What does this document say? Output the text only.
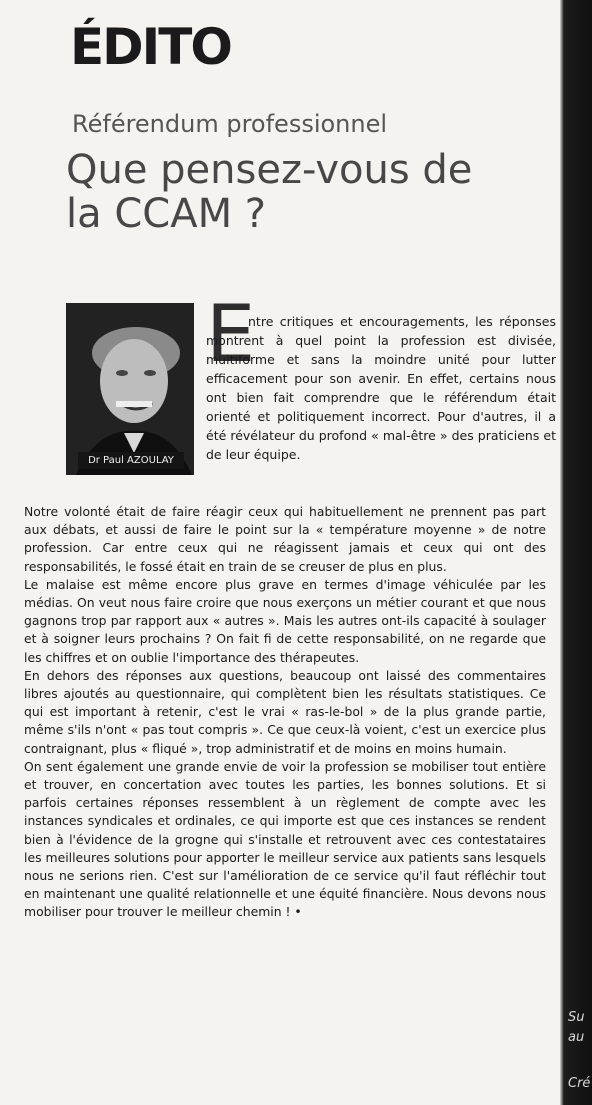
ÉDITO
Référendum professionnel
Que pensez-vous de la CCAM ?
Dr Paul AZOULAY
E

ntre critiques et encouragements, les réponses montrent à quel point la profession est divisée, multiforme et sans la moindre unité pour lutter efficacement pour son avenir. En effet, certains nous ont bien fait comprendre que le référendum était orienté et politiquement incorrect. Pour d'autres, il a été révélateur du profond « mal-être » des praticiens et de leur équipe.

Notre volonté était de faire réagir ceux qui habituellement ne prennent pas part aux débats, et aussi de faire le point sur la « température moyenne » de notre profession. Car entre ceux qui ne réagissent jamais et ceux qui ont des responsabilités, le fossé était en train de se creuser de plus en plus.

Le malaise est même encore plus grave en termes d'image véhiculée par les médias. On veut nous faire croire que nous exerçons un métier courant et que nous gagnons trop par rapport aux « autres ». Mais les autres ont-ils capacité à soulager et à soigner leurs prochains ? On fait fi de cette responsabilité, on ne regarde que les chiffres et on oublie l'importance des thérapeutes.

En dehors des réponses aux questions, beaucoup ont laissé des commentaires libres ajoutés au questionnaire, qui complètent bien les résultats statistiques. Ce qui est important à retenir, c'est le vrai « ras-le-bol » de la plus grande partie, même s'ils n'ont « pas tout compris ». Ce que ceux-là voient, c'est un exercice plus contraignant, plus « fliqué », trop administratif et de moins en moins humain.

On sent également une grande envie de voir la profession se mobiliser tout entière et trouver, en concertation avec toutes les parties, les bonnes solutions. Et si parfois certaines réponses ressemblent à un règlement de compte avec les instances syndicales et ordinales, ce qui importe est que ces instances se rendent bien à l'évidence de la grogne qui s'installe et retrouvent avec ces contestataires les meilleures solutions pour apporter le meilleur service aux patients sans lesquels nous ne serions rien. C'est sur l'amélioration de ce service qu'il faut réfléchir tout en maintenant une qualité relationnelle et une équité financière. Nous devons nous mobiliser pour trouver le meilleur chemin ! •

Su
au
Cré
